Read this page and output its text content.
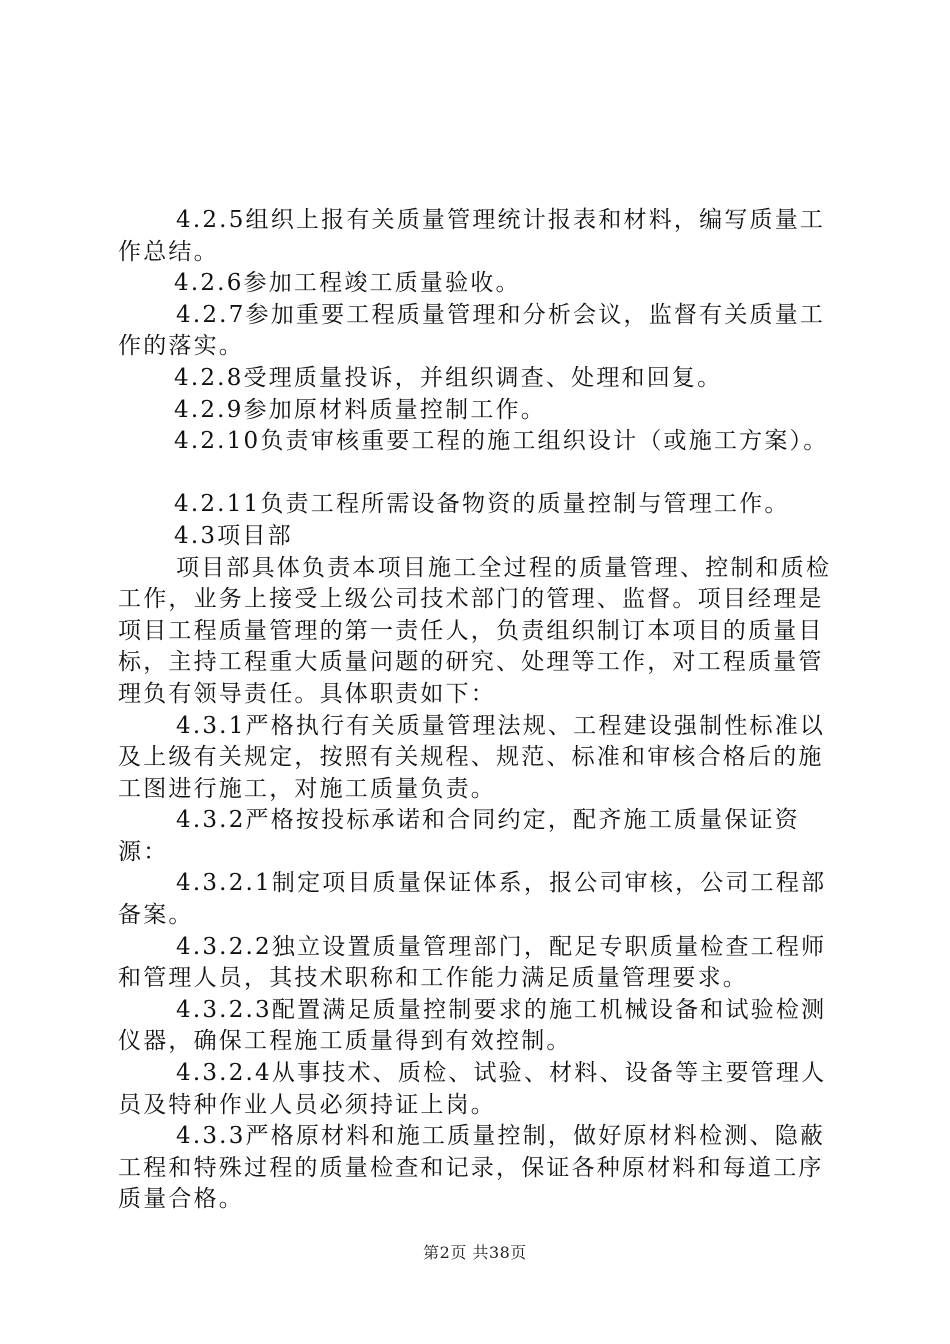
4.2.5组织上报有关质量管理统计报表和材料，编写质量工作总结。

4.2.6参加工程竣工质量验收。

4.2.7参加重要工程质量管理和分析会议，监督有关质量工作的落实。

4.2.8受理质量投诉，并组织调查、处理和回复。

4.2.9参加原材料质量控制工作。

4.2.10负责审核重要工程的施工组织设计（或施工方案）。

4.2.11负责工程所需设备物资的质量控制与管理工作。

4.3项目部

项目部具体负责本项目施工全过程的质量管理、控制和质检工作，业务上接受上级公司技术部门的管理、监督。项目经理是项目工程质量管理的第一责任人，负责组织制订本项目的质量目标，主持工程重大质量问题的研究、处理等工作，对工程质量管理负有领导责任。具体职责如下：

4.3.1严格执行有关质量管理法规、工程建设强制性标准以及上级有关规定，按照有关规程、规范、标准和审核合格后的施工图进行施工，对施工质量负责。

4.3.2严格按投标承诺和合同约定，配齐施工质量保证资源：

4.3.2.1制定项目质量保证体系，报公司审核，公司工程部备案。

4.3.2.2独立设置质量管理部门，配足专职质量检查工程师和管理人员，其技术职称和工作能力满足质量管理要求。

4.3.2.3配置满足质量控制要求的施工机械设备和试验检测仪器，确保工程施工质量得到有效控制。

4.3.2.4从事技术、质检、试验、材料、设备等主要管理人员及特种作业人员必须持证上岗。

4.3.3严格原材料和施工质量控制，做好原材料检测、隐蔽工程和特殊过程的质量检查和记录，保证各种原材料和每道工序质量合格。

第2页 共38页
